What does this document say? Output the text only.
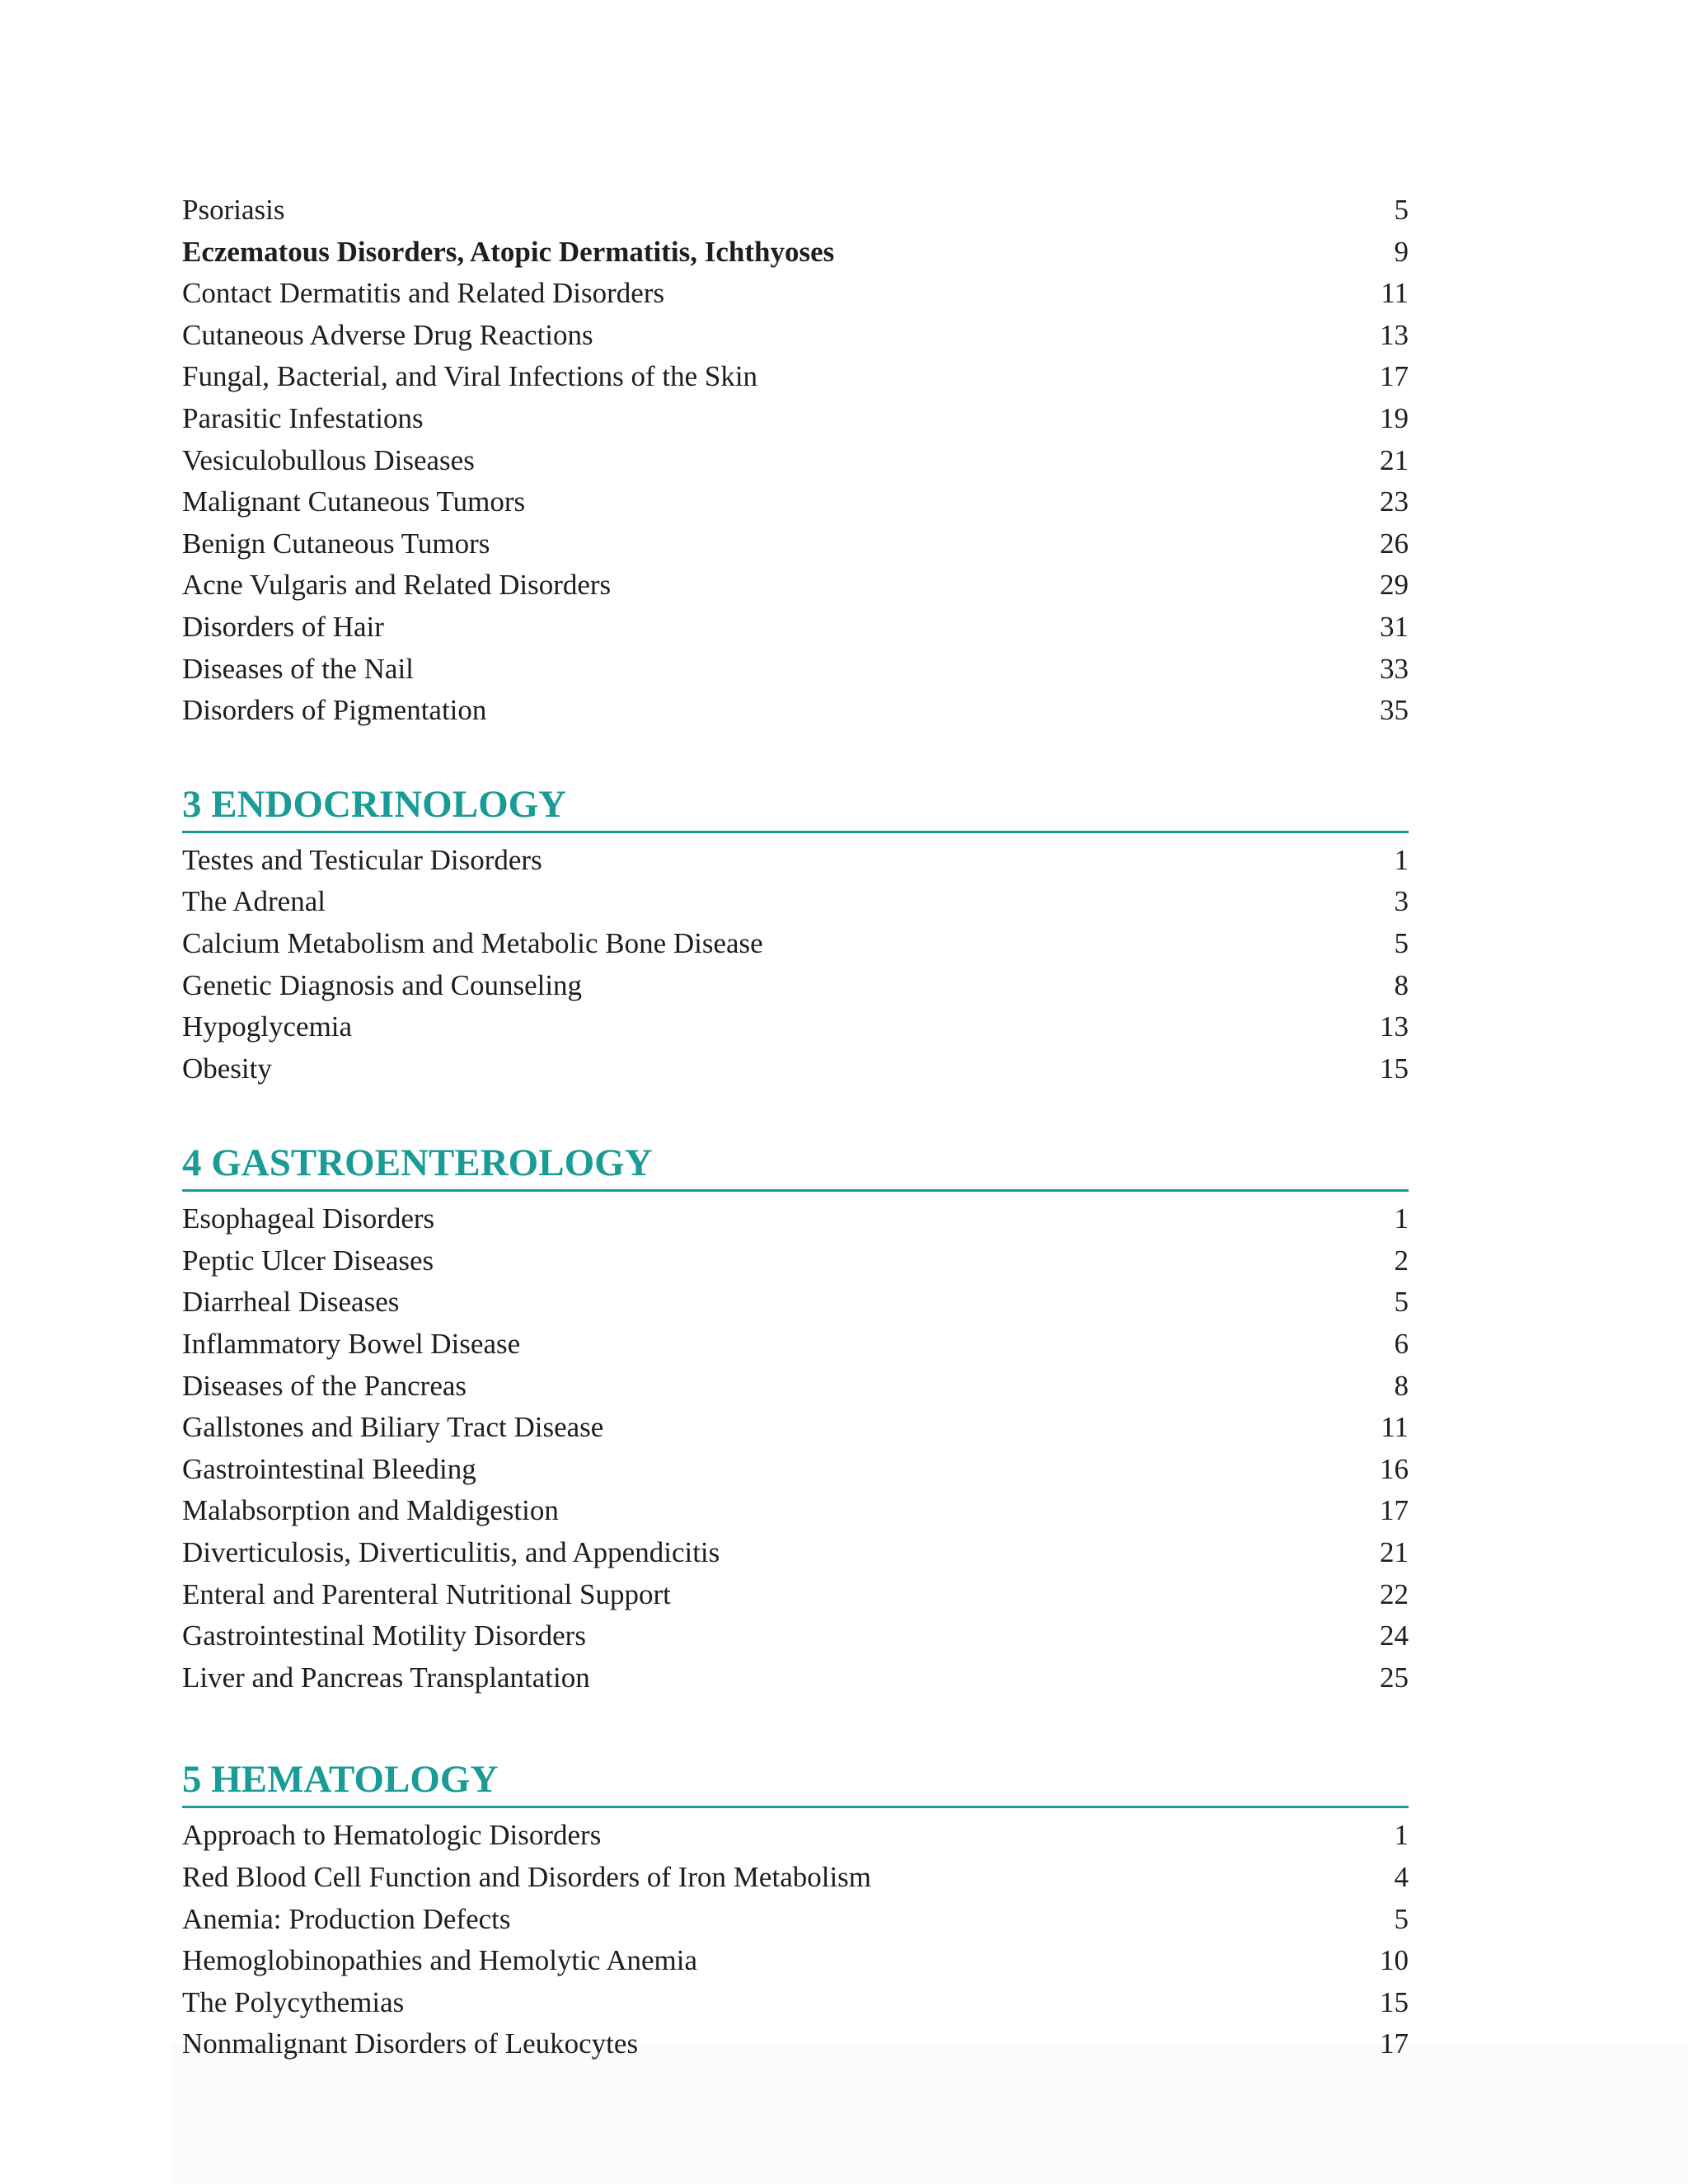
Psoriasis	5
Eczematous Disorders, Atopic Dermatitis, Ichthyoses	9
Contact Dermatitis and Related Disorders	11
Cutaneous Adverse Drug Reactions	13
Fungal, Bacterial, and Viral Infections of the Skin	17
Parasitic Infestations	19
Vesiculobullous Diseases	21
Malignant Cutaneous Tumors	23
Benign Cutaneous Tumors	26
Acne Vulgaris and Related Disorders	29
Disorders of Hair	31
Diseases of the Nail	33
Disorders of Pigmentation	35
3 ENDOCRINOLOGY
Testes and Testicular Disorders	1
The Adrenal	3
Calcium Metabolism and Metabolic Bone Disease	5
Genetic Diagnosis and Counseling	8
Hypoglycemia	13
Obesity	15
4 GASTROENTEROLOGY
Esophageal Disorders	1
Peptic Ulcer Diseases	2
Diarrheal Diseases	5
Inflammatory Bowel Disease	6
Diseases of the Pancreas	8
Gallstones and Biliary Tract Disease	11
Gastrointestinal Bleeding	16
Malabsorption and Maldigestion	17
Diverticulosis, Diverticulitis, and Appendicitis	21
Enteral and Parenteral Nutritional Support	22
Gastrointestinal Motility Disorders	24
Liver and Pancreas Transplantation	25
5 HEMATOLOGY
Approach to Hematologic Disorders	1
Red Blood Cell Function and Disorders of Iron Metabolism	4
Anemia: Production Defects	5
Hemoglobinopathies and Hemolytic Anemia	10
The Polycythemias	15
Nonmalignant Disorders of Leukocytes	17
